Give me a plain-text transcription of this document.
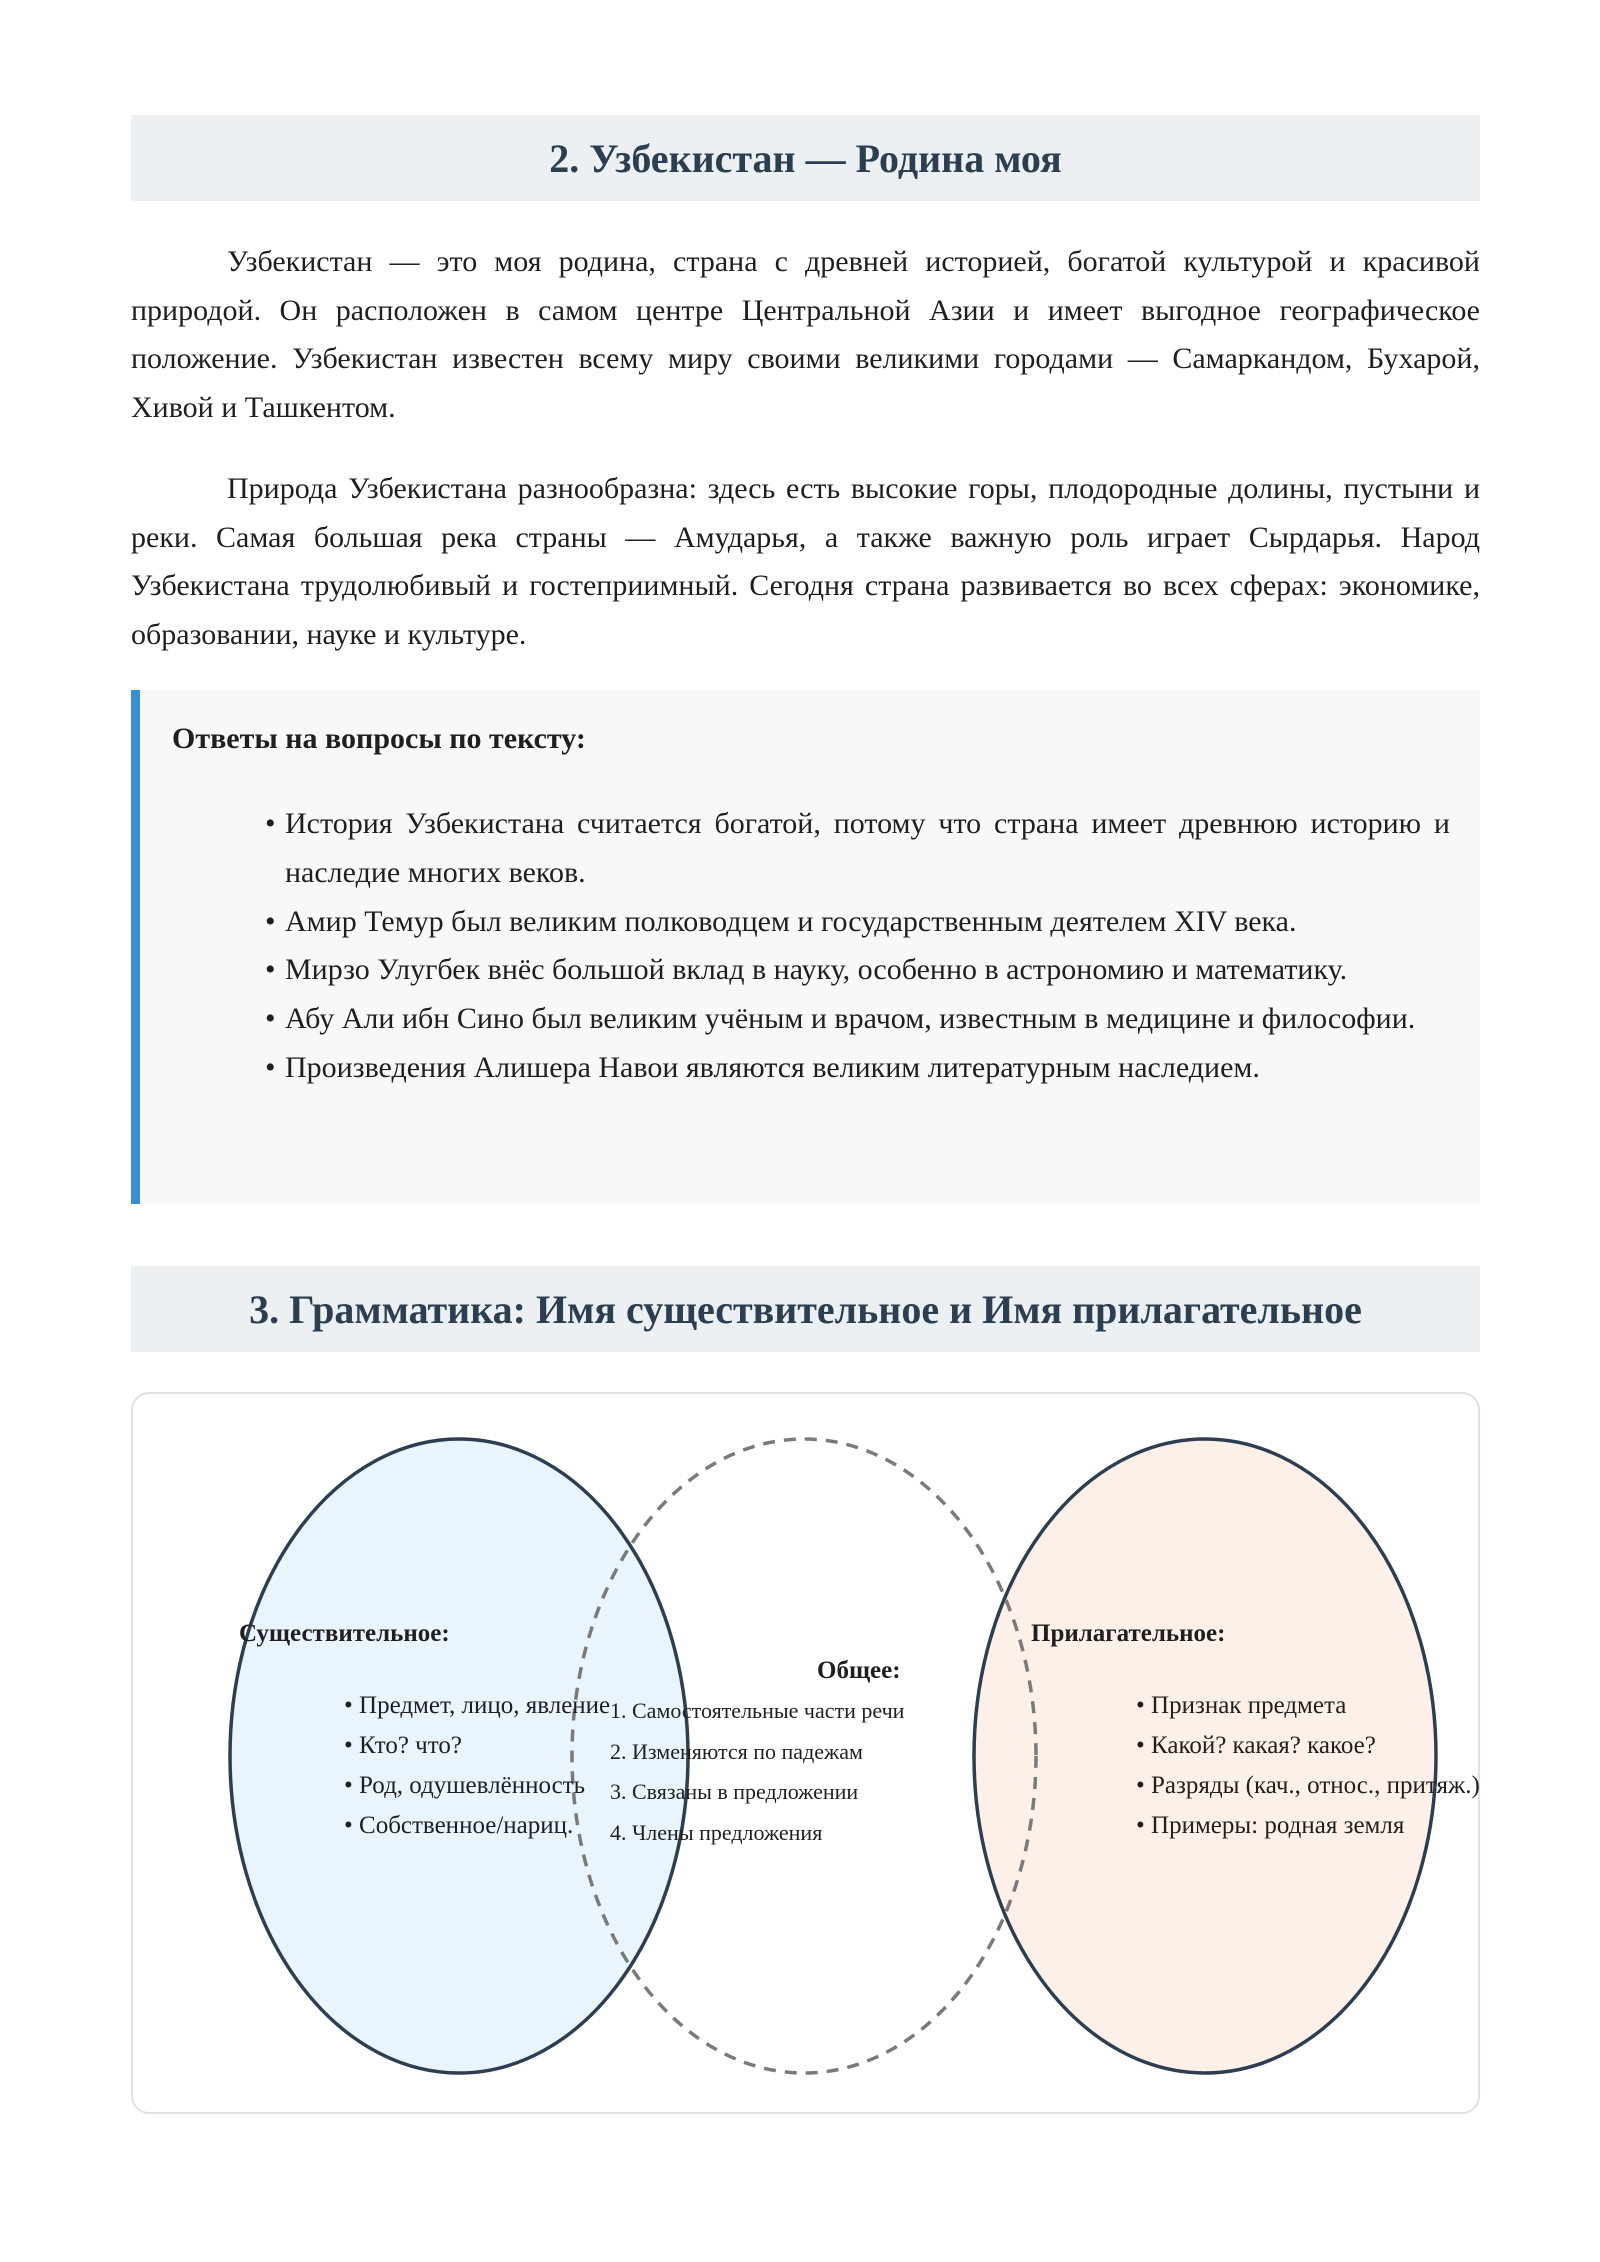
2. Узбекистан — Родина моя

Узбекистан — это моя родина, страна с древней историей, богатой культурой и красивой природой. Он расположен в самом центре Центральной Азии и имеет выгодное географическое положение. Узбекистан известен всему миру своими великими городами — Самаркандом, Бухарой, Хивой и Ташкентом.

Природа Узбекистана разнообразна: здесь есть высокие горы, плодородные долины, пустыни и реки. Самая большая река страны — Амударья, а также важную роль играет Сырдарья. Народ Узбекистана трудолюбивый и гостеприимный. Сегодня страна развивается во всех сферах: экономике, образовании, науке и культуре.

Ответы на вопросы по тексту:
• История Узбекистана считается богатой, потому что страна имеет древнюю историю и наследие многих веков.
• Амир Темур был великим полководцем и государственным деятелем XIV века.
• Мирзо Улугбек внёс большой вклад в науку, особенно в астрономию и математику.
• Абу Али ибн Сино был великим учёным и врачом, известным в медицине и философии.
• Произведения Алишера Навои являются великим литературным наследием.
3. Грамматика: Имя существительное и Имя прилагательное
Существительное:
• Предмет, лицо, явление
• Кто? что?
• Род, одушевлённость
• Собственное/нариц.
Общее:
1. Самостоятельные части речи
2. Изменяются по падежам
3. Связаны в предложении
4. Члены предложения
Прилагательное:
• Признак предмета
• Какой? какая? какое?
• Разряды (кач., относ., притяж.)
• Примеры: родная земля
